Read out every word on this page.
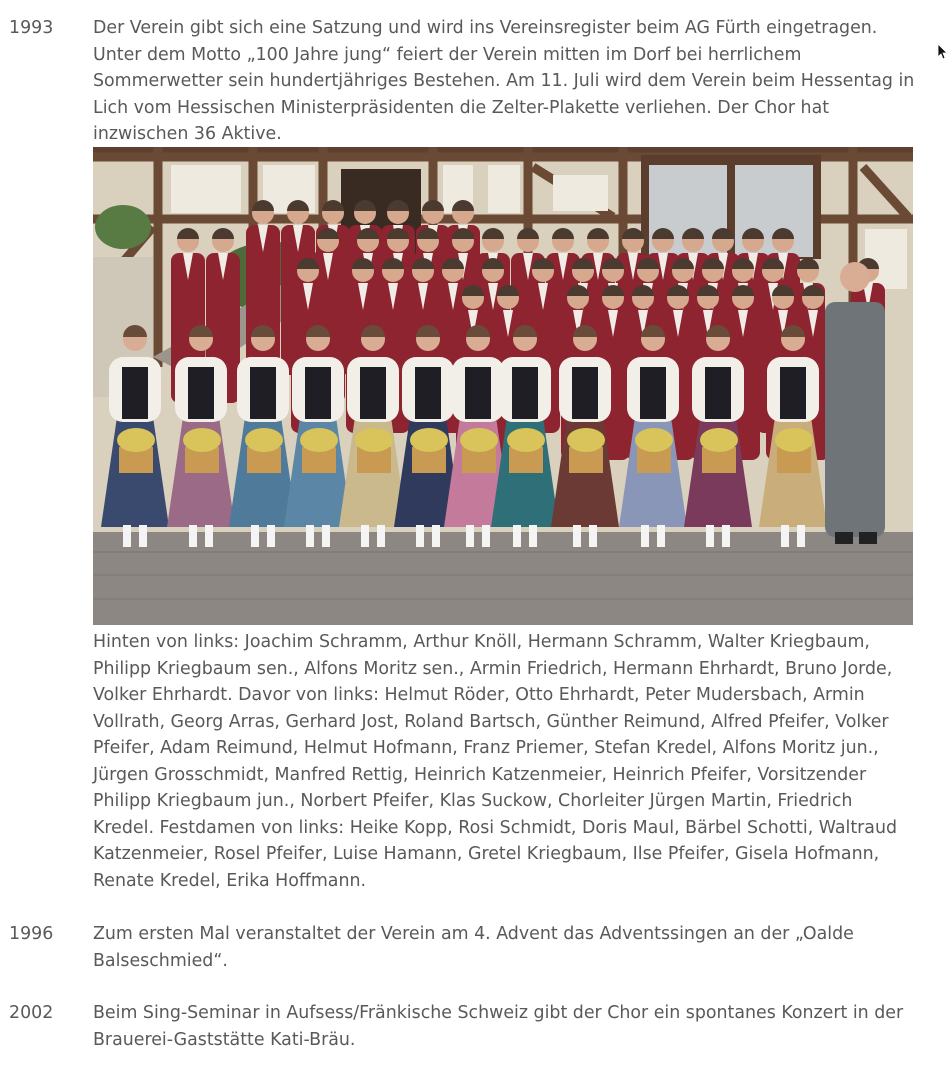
1993	Der Verein gibt sich eine Satzung und wird ins Vereinsregister beim AG Fürth eingetragen. Unter dem Motto „100 Jahre jung“ feiert der Verein mitten im Dorf bei herrlichem Sommerwetter sein hundertjähriges Bestehen. Am 11. Juli wird dem Verein beim Hessentag in Lich vom Hessischen Ministerpräsidenten die Zelter-Plakette verliehen. Der Chor hat inzwischen 36 Aktive.
Hinten von links: Joachim Schramm, Arthur Knöll, Hermann Schramm, Walter Kriegbaum, Philipp Kriegbaum sen., Alfons Moritz sen., Armin Friedrich, Hermann Ehrhardt, Bruno Jorde, Volker Ehrhardt. Davor von links: Helmut Röder, Otto Ehrhardt, Peter Mudersbach, Armin Vollrath, Georg Arras, Gerhard Jost, Roland Bartsch, Günther Reimund, Alfred Pfeifer, Volker Pfeifer, Adam Reimund, Helmut Hofmann, Franz Priemer, Stefan Kredel, Alfons Moritz jun., Jürgen Grosschmidt, Manfred Rettig, Heinrich Katzenmeier, Heinrich Pfeifer, Vorsitzender Philipp Kriegbaum jun., Norbert Pfeifer, Klas Suckow, Chorleiter Jürgen Martin, Friedrich Kredel. Festdamen von links: Heike Kopp, Rosi Schmidt, Doris Maul, Bärbel Schotti, Waltraud Katzenmeier, Rosel Pfeifer, Luise Hamann, Gretel Kriegbaum, Ilse Pfeifer, Gisela Hofmann, Renate Kredel, Erika Hoffmann.
1996	Zum ersten Mal veranstaltet der Verein am 4. Advent das Adventssingen an der „Oalde Balseschmied“.
2002	Beim Sing-Seminar in Aufsess/Fränkische Schweiz gibt der Chor ein spontanes Konzert in der Brauerei-Gaststätte Kati-Bräu.
